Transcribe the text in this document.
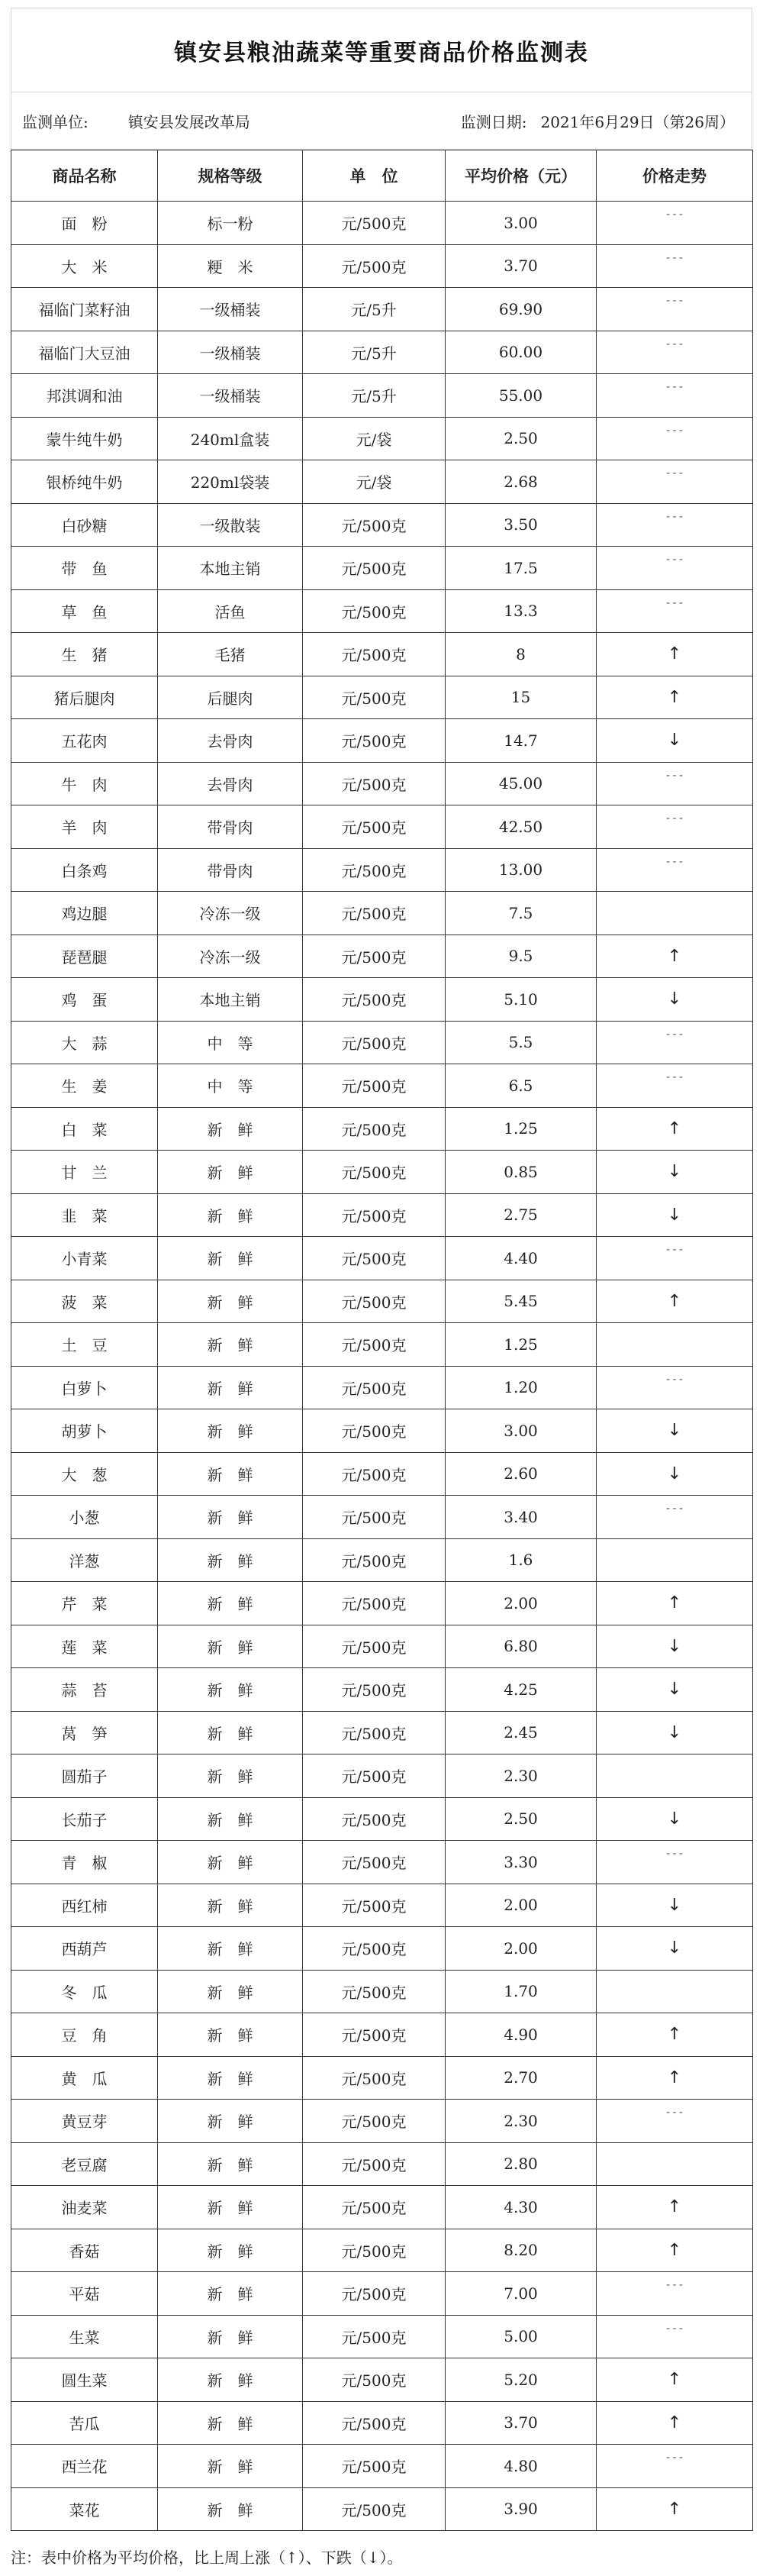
镇安县粮油蔬菜等重要商品价格监测表
监测单位:	镇安县发展改革局	监测日期: 2021年6月29日（第26周）
商品名称	规格等级	单　位	平均价格（元）	价格走势
面　粉	标一粉	元/500克	3.00	---

大　米	粳　米	元/500克	3.70	---

福临门菜籽油	一级桶装	元/5升	69.90	---

福临门大豆油	一级桶装	元/5升	60.00	---

邦淇调和油	一级桶装	元/5升	55.00	---

蒙牛纯牛奶	240ml盒装	元/袋	2.50	---

银桥纯牛奶	220ml袋装	元/袋	2.68	---

白砂糖	一级散装	元/500克	3.50	---

带　鱼	本地主销	元/500克	17.5	---

草　鱼	活鱼	元/500克	13.3	---

生　猪	毛猪	元/500克	8	↑
猪后腿肉	后腿肉	元/500克	15	↑
五花肉	去骨肉	元/500克	14.7	↓
牛　肉	去骨肉	元/500克	45.00	---

羊　肉	带骨肉	元/500克	42.50	---

白条鸡	带骨肉	元/500克	13.00	---

鸡边腿	冷冻一级	元/500克	7.5	
琵琶腿	冷冻一级	元/500克	9.5	↑
鸡　蛋	本地主销	元/500克	5.10	↓
大　蒜	中　等	元/500克	5.5	---

生　姜	中　等	元/500克	6.5	---

白　菜	新　鲜	元/500克	1.25	↑
甘　兰	新　鲜	元/500克	0.85	↓
韭　菜	新　鲜	元/500克	2.75	↓
小青菜	新　鲜	元/500克	4.40	---

菠　菜	新　鲜	元/500克	5.45	↑
土　豆	新　鲜	元/500克	1.25	
白萝卜	新　鲜	元/500克	1.20	---

胡萝卜	新　鲜	元/500克	3.00	↓
大　葱	新　鲜	元/500克	2.60	↓
小葱	新　鲜	元/500克	3.40	---

洋葱	新　鲜	元/500克	1.6	
芹　菜	新　鲜	元/500克	2.00	↑
莲　菜	新　鲜	元/500克	6.80	↓
蒜　苔	新　鲜	元/500克	4.25	↓
莴　笋	新　鲜	元/500克	2.45	↓
圆茄子	新　鲜	元/500克	2.30	
长茄子	新　鲜	元/500克	2.50	↓
青　椒	新　鲜	元/500克	3.30	---

西红柿	新　鲜	元/500克	2.00	↓
西葫芦	新　鲜	元/500克	2.00	↓
冬　瓜	新　鲜	元/500克	1.70	
豆　角	新　鲜	元/500克	4.90	↑
黄　瓜	新　鲜	元/500克	2.70	↑
黄豆芽	新　鲜	元/500克	2.30	---

老豆腐	新　鲜	元/500克	2.80	
油麦菜	新　鲜	元/500克	4.30	↑
香菇	新　鲜	元/500克	8.20	↑
平菇	新　鲜	元/500克	7.00	---

生菜	新　鲜	元/500克	5.00	---

圆生菜	新　鲜	元/500克	5.20	↑
苦瓜	新　鲜	元/500克	3.70	↑
西兰花	新　鲜	元/500克	4.80	---

菜花	新　鲜	元/500克	3.90	↑
注：表中价格为平均价格，比上周上涨（↑）、下跌（↓）。
